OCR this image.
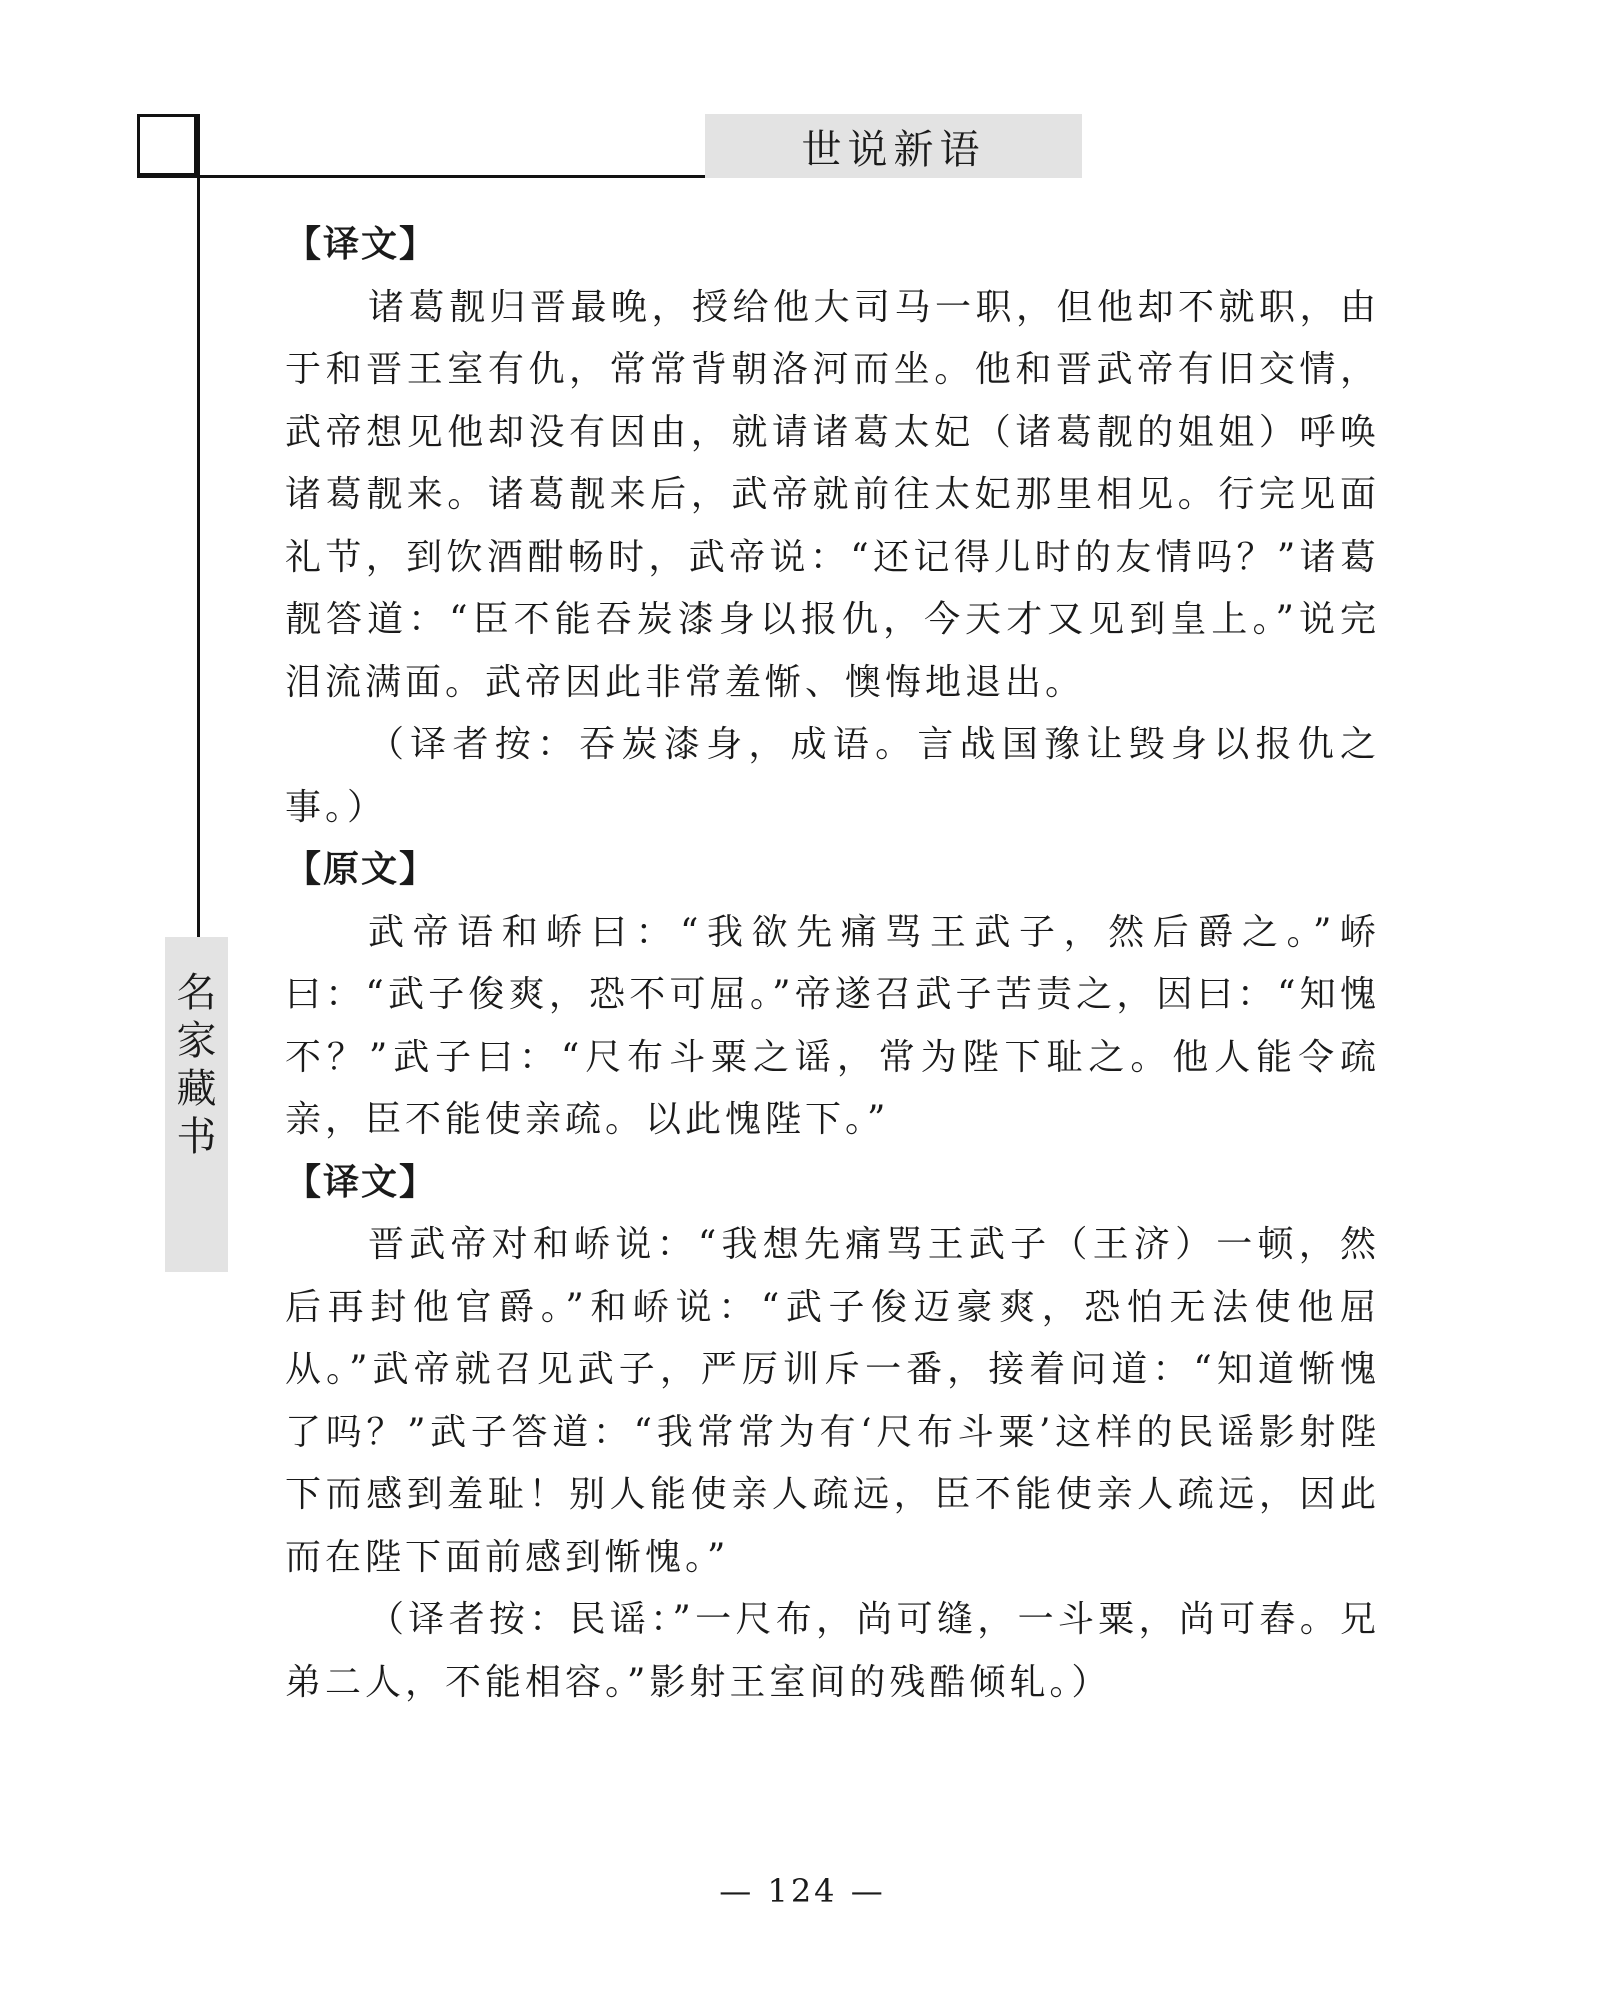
世说新语
名
家
藏
书

【译文】

诸葛靓归晋最晚，授给他大司马一职，但他却不就职，由于和晋王室有仇，常常背朝洛河而坐。他和晋武帝有旧交情，武帝想见他却没有因由，就请诸葛太妃（诸葛靓的姐姐）呼唤诸葛靓来。诸葛靓来后，武帝就前往太妃那里相见。行完见面礼节，到饮酒酣畅时，武帝说：“还记得儿时的友情吗？”诸葛靓答道：“臣不能吞炭漆身以报仇，今天才又见到皇上。”说完泪流满面。武帝因此非常羞惭、懊悔地退出。

（译者按：吞炭漆身，成语。言战国豫让毁身以报仇之事。）

【原文】

武帝语和峤曰：“我欲先痛骂王武子，然后爵之。”峤曰：“武子俊爽，恐不可屈。”帝遂召武子苦责之，因曰：“知愧不？”武子曰：“尺布斗粟之谣，常为陛下耻之。他人能令疏亲，臣不能使亲疏。以此愧陛下。”

【译文】

晋武帝对和峤说：“我想先痛骂王武子（王济）一顿，然后再封他官爵。”和峤说：“武子俊迈豪爽，恐怕无法使他屈从。”武帝就召见武子，严厉训斥一番，接着问道：“知道惭愧了吗？”武子答道：“我常常为有‘尺布斗粟’这样的民谣影射陛下而感到羞耻！别人能使亲人疏远，臣不能使亲人疏远，因此而在陛下面前感到惭愧。”

（译者按：民谣：”一尺布，尚可缝，一斗粟，尚可舂。兄弟二人，不能相容。”影射王室间的残酷倾轧。）

— 124 —
